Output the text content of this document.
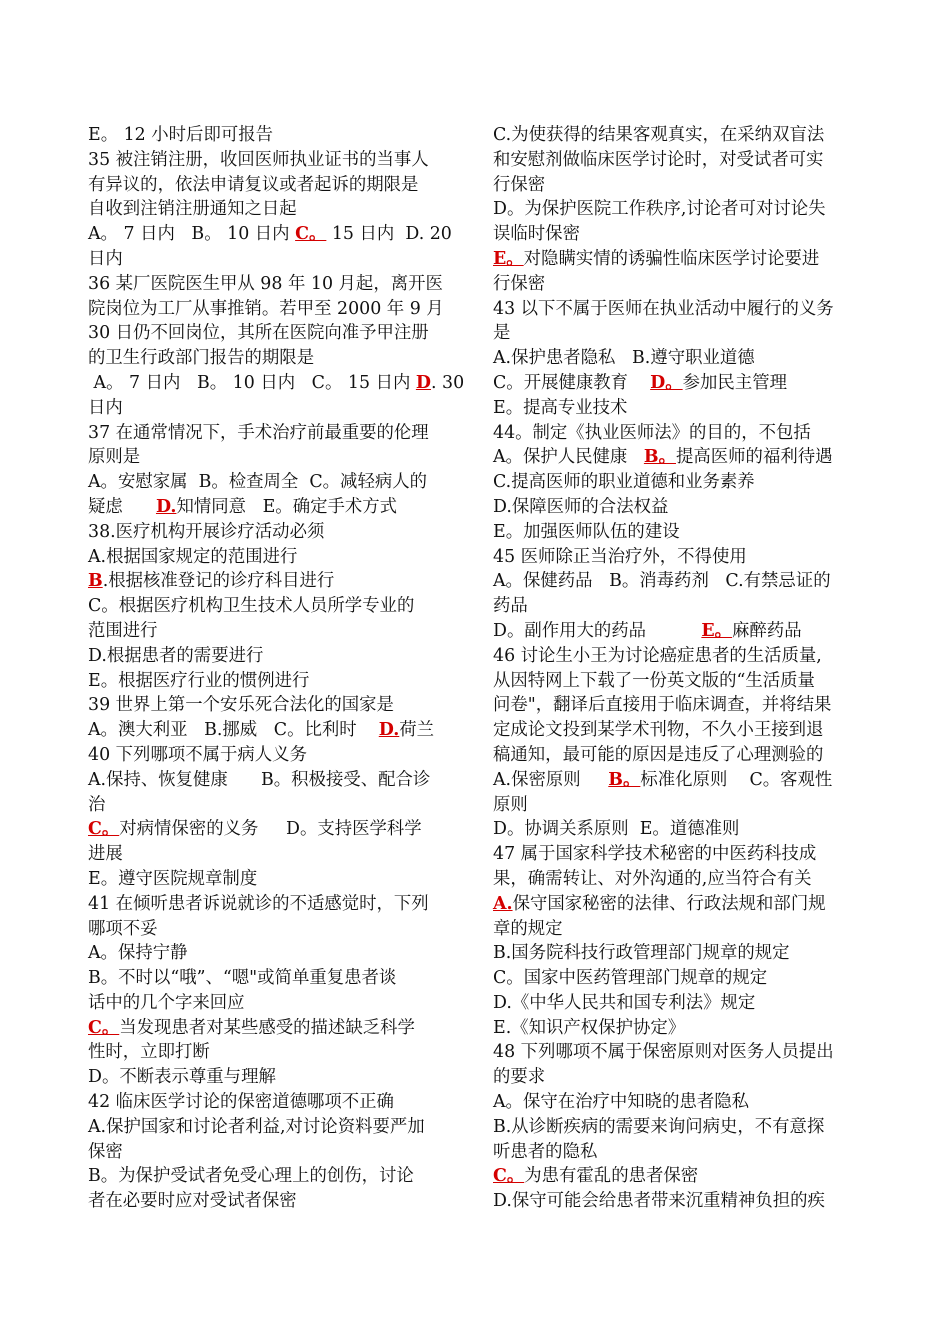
E。 12 小时后即可报告
35 被注销注册，收回医师执业证书的当事人
有异议的，依法申请复议或者起诉的期限是
自收到注销注册通知之日起
A。 7 日内   B。 10 日内 C。 15 日内  D. 20
日内
36 某厂医院医生甲从 98 年 10 月起，离开医
院岗位为工厂从事推销。若甲至 2000 年 9 月
30 日仍不回岗位，其所在医院向准予甲注册
的卫生行政部门报告的期限是
A。 7 日内   B。 10 日内   C。 15 日内 D. 30
日内
37 在通常情况下，手术治疗前最重要的伦理
原则是
A。安慰家属  B。检查周全  C。减轻病人的
疑虑      D.知情同意   E。确定手术方式
38.医疗机构开展诊疗活动必须
A.根据国家规定的范围进行
B.根据核准登记的诊疗科目进行
C。根据医疗机构卫生技术人员所学专业的
范围进行
D.根据患者的需要进行
E。根据医疗行业的惯例进行
39 世界上第一个安乐死合法化的国家是
A。澳大利亚   B.挪威   C。比利时    D.荷兰
40 下列哪项不属于病人义务
A.保持、恢复健康      B。积极接受、配合诊
治
C。对病情保密的义务     D。支持医学科学
进展
E。遵守医院规章制度
41 在倾听患者诉说就诊的不适感觉时，下列
哪项不妥
A。保持宁静
B。不时以“哦”、“嗯"或简单重复患者谈
话中的几个字来回应
C。当发现患者对某些感受的描述缺乏科学
性时，立即打断
D。不断表示尊重与理解
42 临床医学讨论的保密道德哪项不正确
A.保护国家和讨论者利益,对讨论资料要严加
保密
B。为保护受试者免受心理上的创伤，讨论
者在必要时应对受试者保密
C.为使获得的结果客观真实，在采纳双盲法
和安慰剂做临床医学讨论时，对受试者可实
行保密
D。为保护医院工作秩序,讨论者可对讨论失
误临时保密
E。对隐瞒实情的诱骗性临床医学讨论要进
行保密
43 以下不属于医师在执业活动中履行的义务
是
A.保护患者隐私   B.遵守职业道德
C。开展健康教育    D。参加民主管理
E。提高专业技术
44。制定《执业医师法》的目的，不包括
A。保护人民健康   B。提高医师的福利待遇
C.提高医师的职业道德和业务素养
D.保障医师的合法权益
E。加强医师队伍的建设
45 医师除正当治疗外，不得使用
A。保健药品   B。消毒药剂   C.有禁忌证的
药品
D。副作用大的药品          E。麻醉药品
46 讨论生小王为讨论癌症患者的生活质量,
从因特网上下载了一份英文版的“生活质量
问卷"，翻译后直接用于临床调查，并将结果
定成论文投到某学术刊物，不久小王接到退
稿通知，最可能的原因是违反了心理测验的
A.保密原则     B。标准化原则    C。客观性
原则
D。协调关系原则  E。道德准则
47 属于国家科学技术秘密的中医药科技成
果，确需转让、对外沟通的,应当符合有关
A.保守国家秘密的法律、行政法规和部门规
章的规定
B.国务院科技行政管理部门规章的规定
C。国家中医药管理部门规章的规定
D.《中华人民共和国专利法》规定
E.《知识产权保护协定》
48 下列哪项不属于保密原则对医务人员提出
的要求
A。保守在治疗中知晓的患者隐私
B.从诊断疾病的需要来询问病史，不有意探
听患者的隐私
C。为患有霍乱的患者保密
D.保守可能会给患者带来沉重精神负担的疾
